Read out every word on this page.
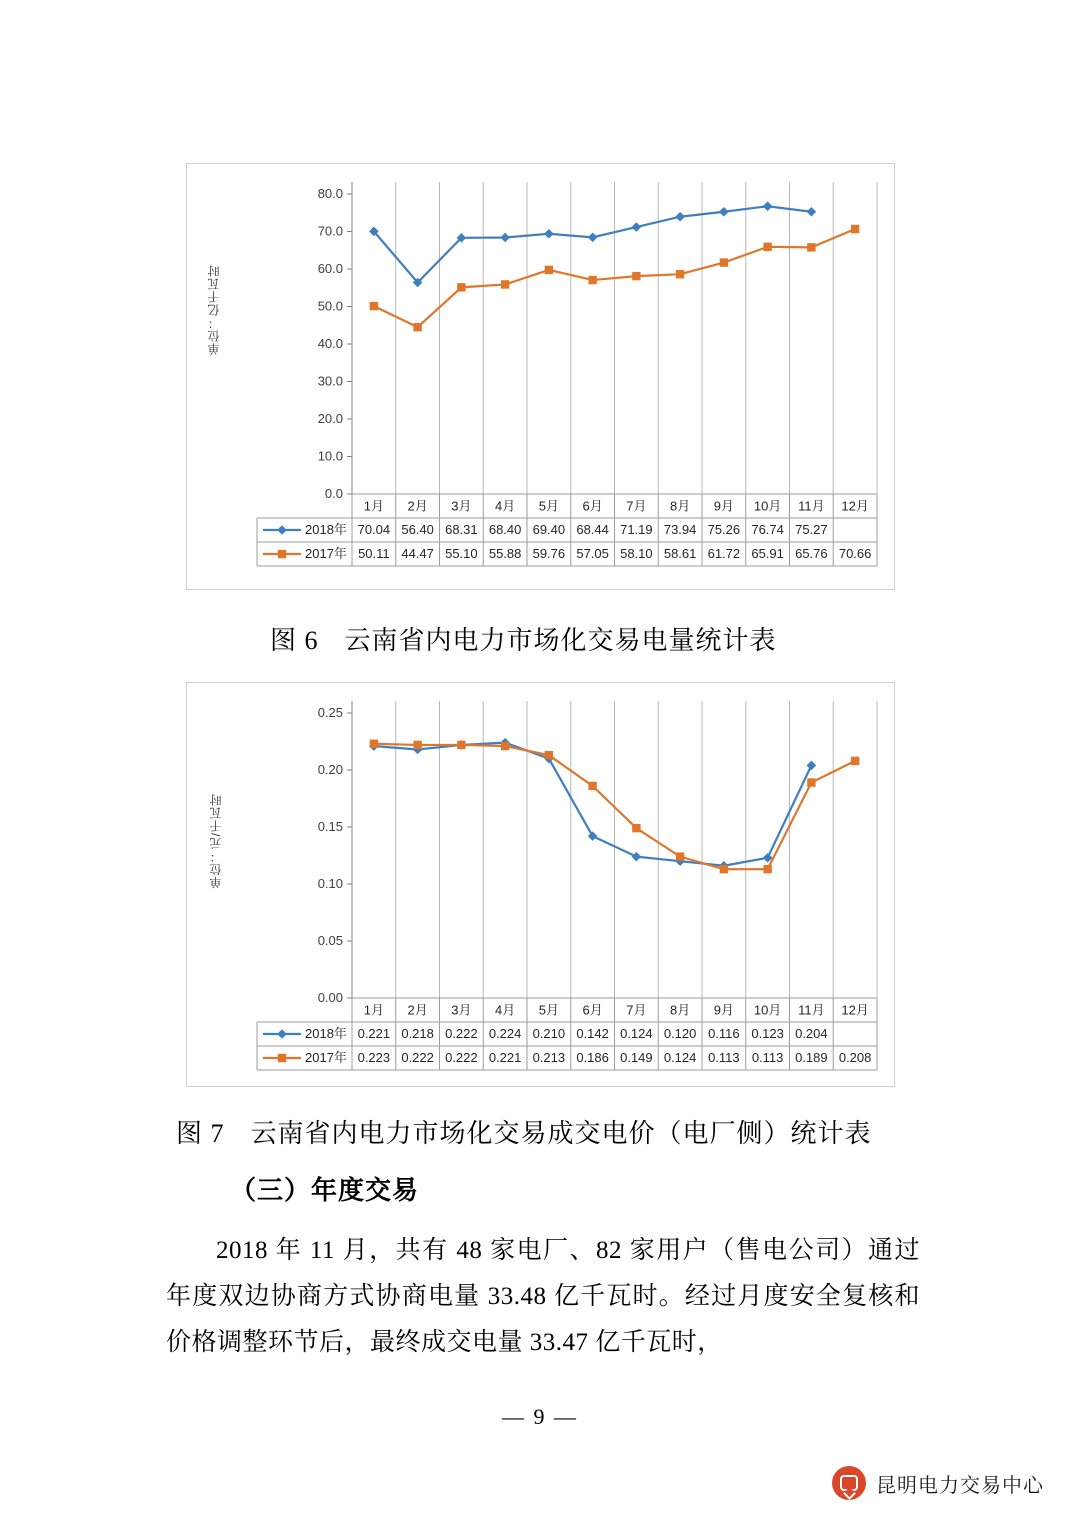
单位：亿千瓦时
0.0
10.0
20.0
30.0
40.0
50.0
60.0
70.0
80.0
1月 2月 3月 4月 5月 6月 7月 8月 9月 10月 11月 12月
2018年 70.04 56.40 68.31 68.40 69.40 68.44 71.19 73.94 75.26 76.74 75.27
2017年 50.11 44.47 55.10 55.88 59.76 57.05 58.10 58.61 61.72 65.91 65.76 70.66
图 6 云南省内电力市场化交易电量统计表
单位：元/千瓦时
0.00
0.05
0.10
0.15
0.20
0.25
1月 2月 3月 4月 5月 6月 7月 8月 9月 10月 11月 12月
2018年 0.221 0.218 0.222 0.224 0.210 0.142 0.124 0.120 0.116 0.123 0.204
2017年 0.223 0.222 0.222 0.221 0.213 0.186 0.149 0.124 0.113 0.113 0.189 0.208
图 7 云南省内电力市场化交易成交电价（电厂侧）统计表
（三）年度交易
2018 年 11 月，共有 48 家电厂、82 家用户（售电公司）通过年度双边协商方式协商电量 33.48 亿千瓦时。经过月度安全复核和价格调整环节后，最终成交电量 33.47 亿千瓦时，
— 9 —
昆明电力交易中心
